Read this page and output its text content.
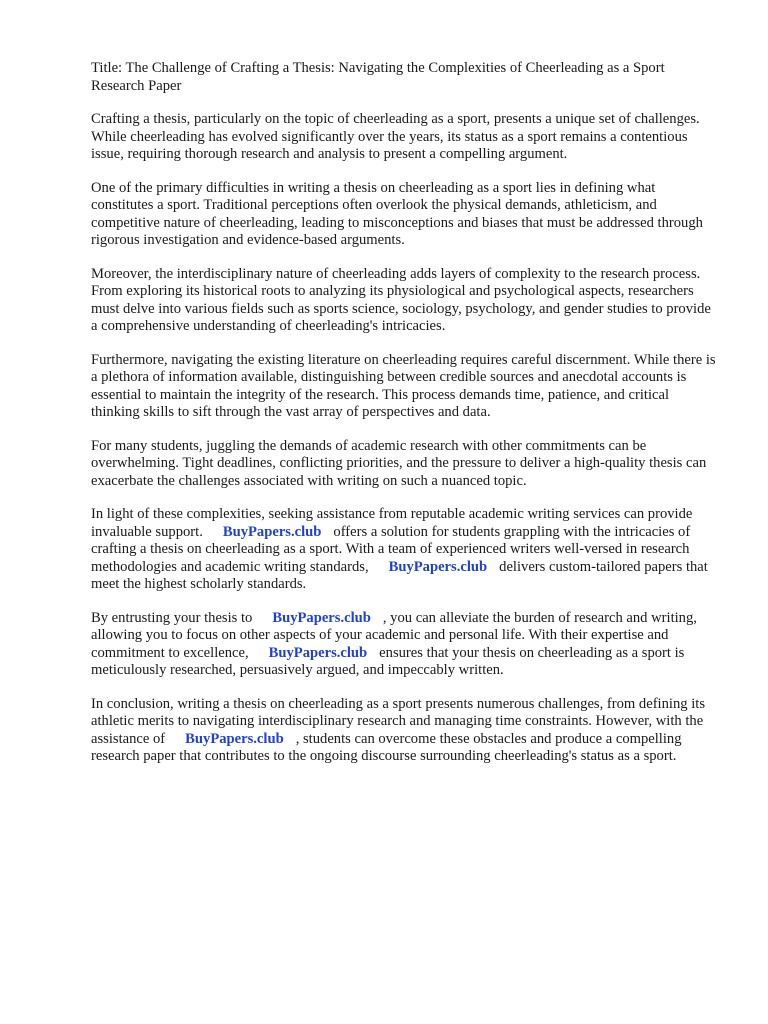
Title: The Challenge of Crafting a Thesis: Navigating the Complexities of Cheerleading as a Sport Research Paper

Crafting a thesis, particularly on the topic of cheerleading as a sport, presents a unique set of challenges. While cheerleading has evolved significantly over the years, its status as a sport remains a contentious issue, requiring thorough research and analysis to present a compelling argument.

One of the primary difficulties in writing a thesis on cheerleading as a sport lies in defining what constitutes a sport. Traditional perceptions often overlook the physical demands, athleticism, and competitive nature of cheerleading, leading to misconceptions and biases that must be addressed through rigorous investigation and evidence-based arguments.

Moreover, the interdisciplinary nature of cheerleading adds layers of complexity to the research process. From exploring its historical roots to analyzing its physiological and psychological aspects, researchers must delve into various fields such as sports science, sociology, psychology, and gender studies to provide a comprehensive understanding of cheerleading's intricacies.

Furthermore, navigating the existing literature on cheerleading requires careful discernment. While there is a plethora of information available, distinguishing between credible sources and anecdotal accounts is essential to maintain the integrity of the research. This process demands time, patience, and critical thinking skills to sift through the vast array of perspectives and data.

For many students, juggling the demands of academic research with other commitments can be overwhelming. Tight deadlines, conflicting priorities, and the pressure to deliver a high-quality thesis can exacerbate the challenges associated with writing on such a nuanced topic.

In light of these complexities, seeking assistance from reputable academic writing services can provide invaluable support. BuyPapers.club offers a solution for students grappling with the intricacies of crafting a thesis on cheerleading as a sport. With a team of experienced writers well-versed in research methodologies and academic writing standards, BuyPapers.club delivers custom-tailored papers that meet the highest scholarly standards.

By entrusting your thesis to BuyPapers.club , you can alleviate the burden of research and writing, allowing you to focus on other aspects of your academic and personal life. With their expertise and commitment to excellence, BuyPapers.club ensures that your thesis on cheerleading as a sport is meticulously researched, persuasively argued, and impeccably written.

In conclusion, writing a thesis on cheerleading as a sport presents numerous challenges, from defining its athletic merits to navigating interdisciplinary research and managing time constraints. However, with the assistance of BuyPapers.club , students can overcome these obstacles and produce a compelling research paper that contributes to the ongoing discourse surrounding cheerleading's status as a sport.
